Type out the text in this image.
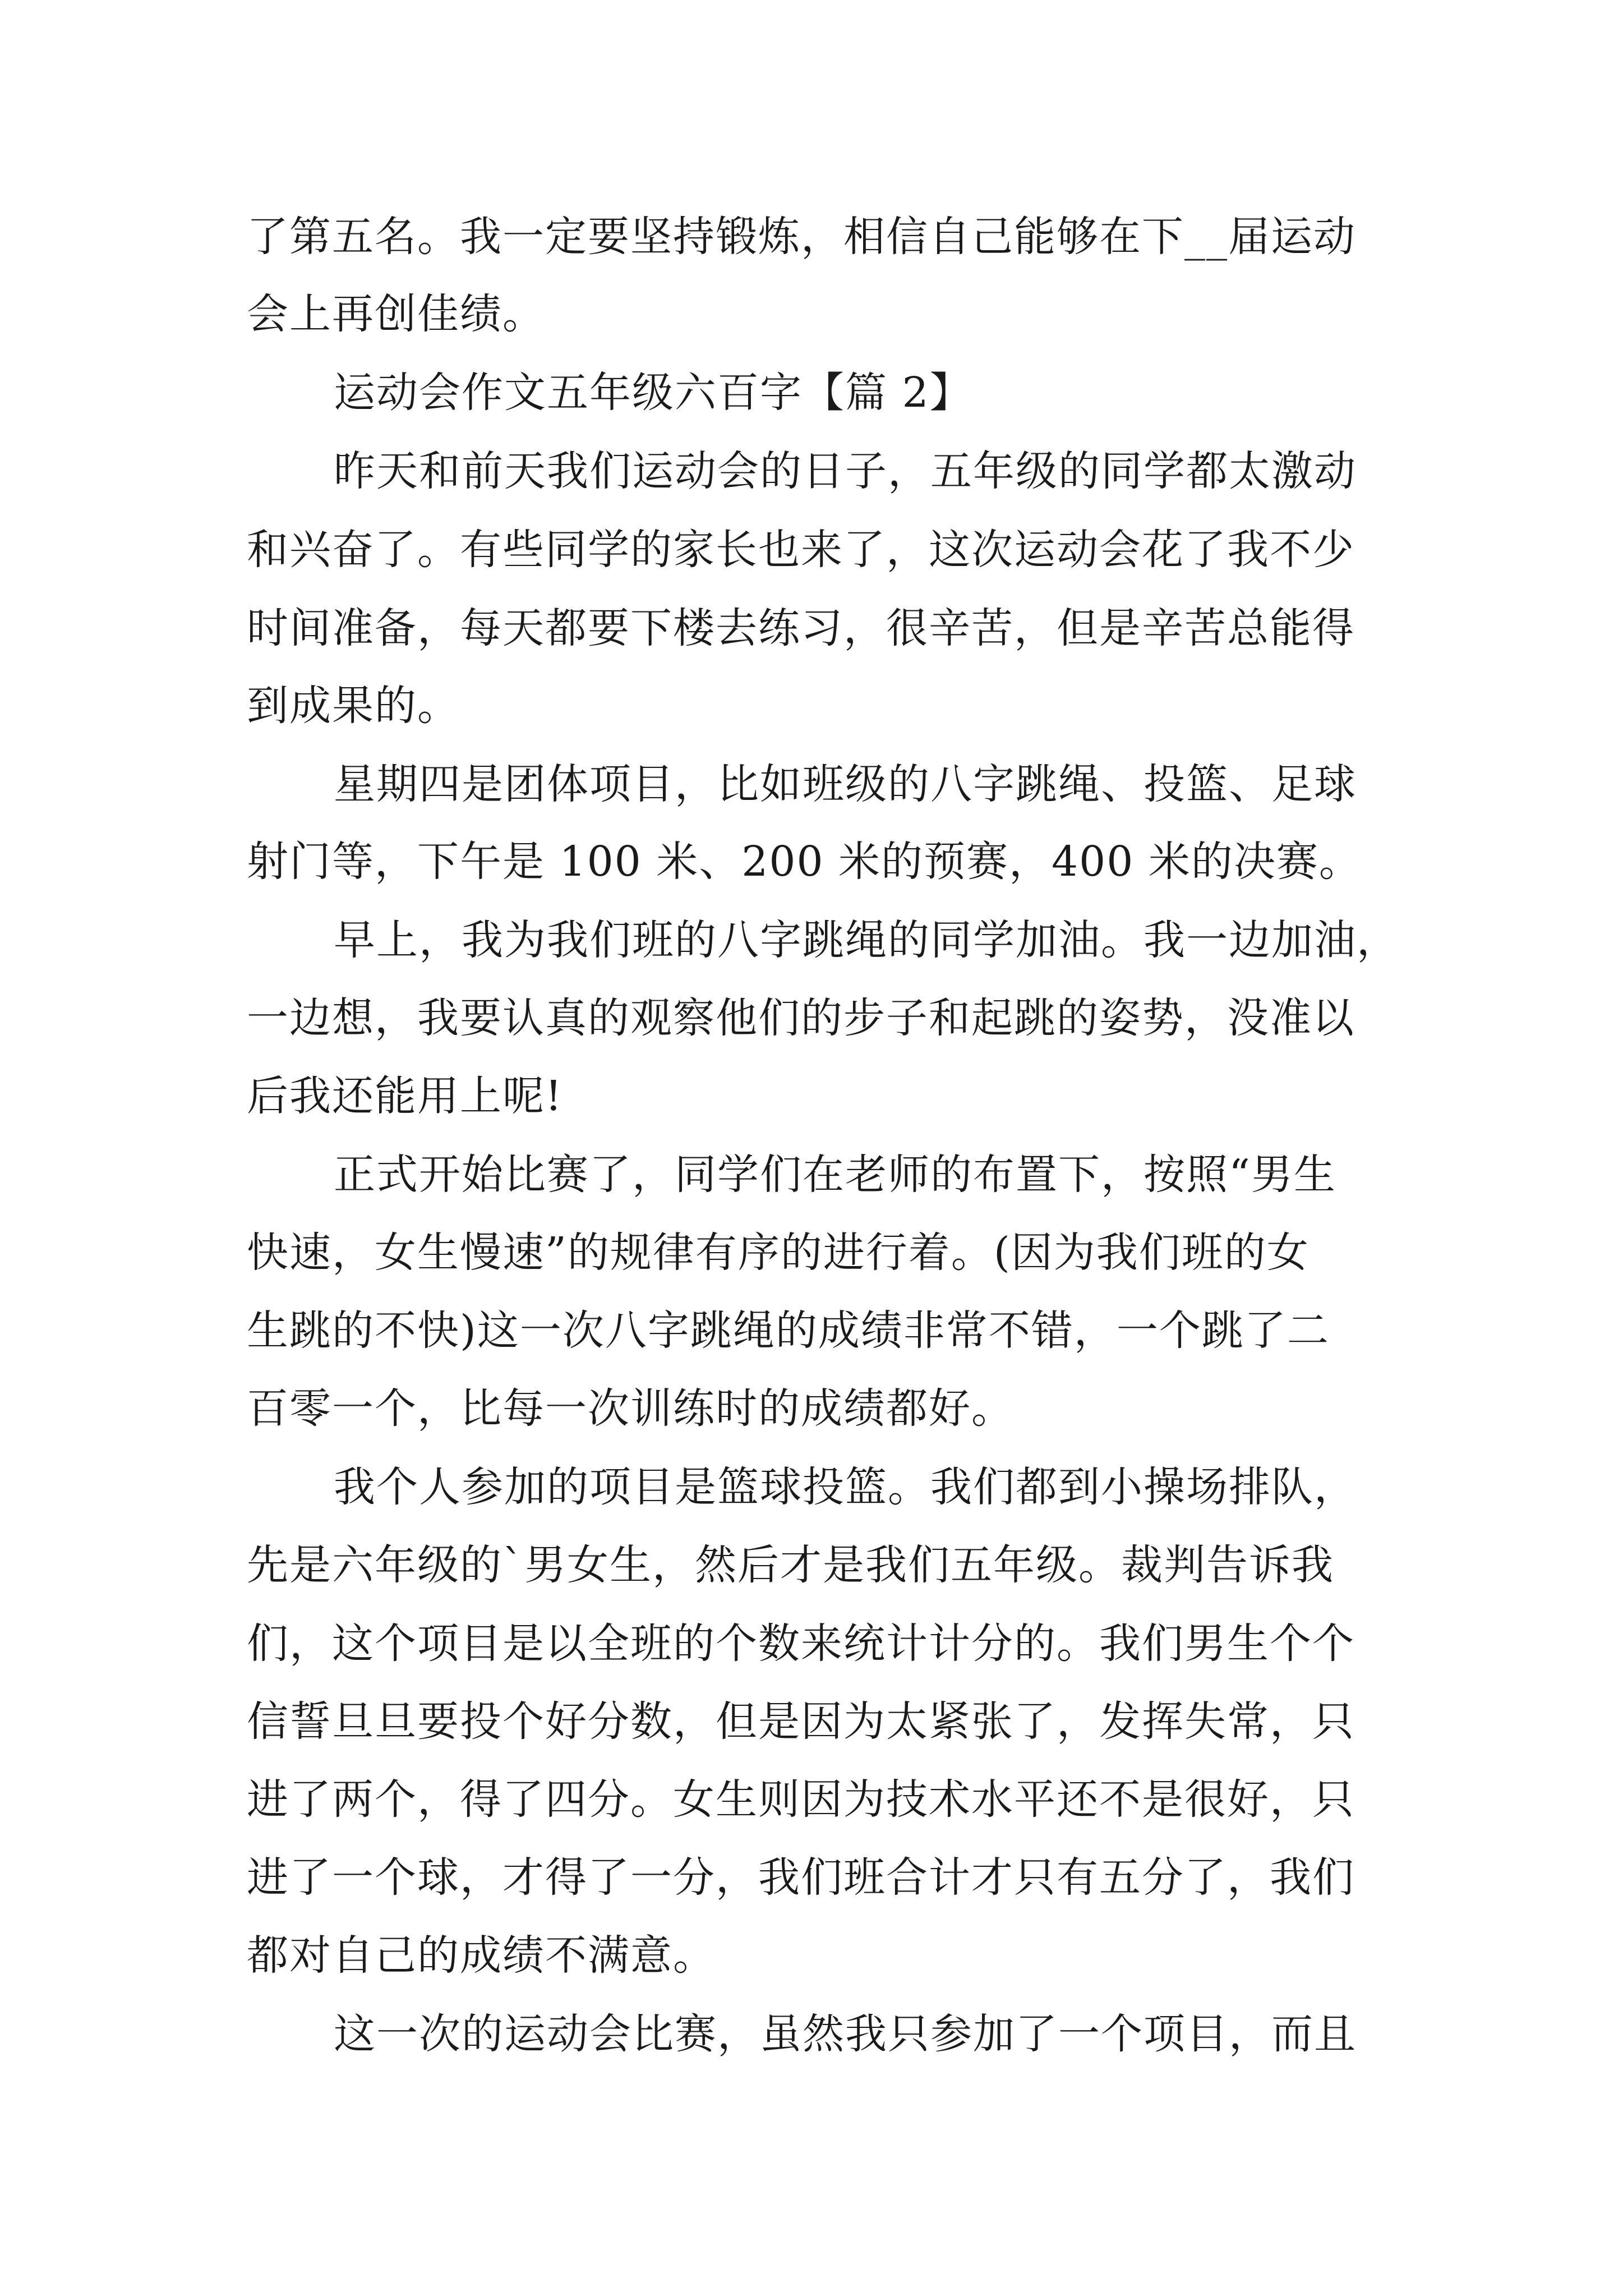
了第五名。我一定要坚持锻炼，相信自己能够在下__届运动
会上再创佳绩。
运动会作文五年级六百字【篇 2】
昨天和前天我们运动会的日子，五年级的同学都太激动
和兴奋了。有些同学的家长也来了，这次运动会花了我不少
时间准备，每天都要下楼去练习，很辛苦，但是辛苦总能得
到成果的。
星期四是团体项目，比如班级的八字跳绳、投篮、足球
射门等，下午是 100 米、200 米的预赛，400 米的决赛。
早上，我为我们班的八字跳绳的同学加油。我一边加油，
一边想，我要认真的观察他们的步子和起跳的姿势，没准以
后我还能用上呢!
正式开始比赛了，同学们在老师的布置下，按照“男生
快速，女生慢速”的规律有序的进行着。(因为我们班的女
生跳的不快)这一次八字跳绳的成绩非常不错，一个跳了二
百零一个，比每一次训练时的成绩都好。
我个人参加的项目是篮球投篮。我们都到小操场排队，
先是六年级的`男女生，然后才是我们五年级。裁判告诉我
们，这个项目是以全班的个数来统计计分的。我们男生个个
信誓旦旦要投个好分数，但是因为太紧张了，发挥失常，只
进了两个，得了四分。女生则因为技术水平还不是很好，只
进了一个球，才得了一分，我们班合计才只有五分了，我们
都对自己的成绩不满意。
这一次的运动会比赛，虽然我只参加了一个项目，而且
